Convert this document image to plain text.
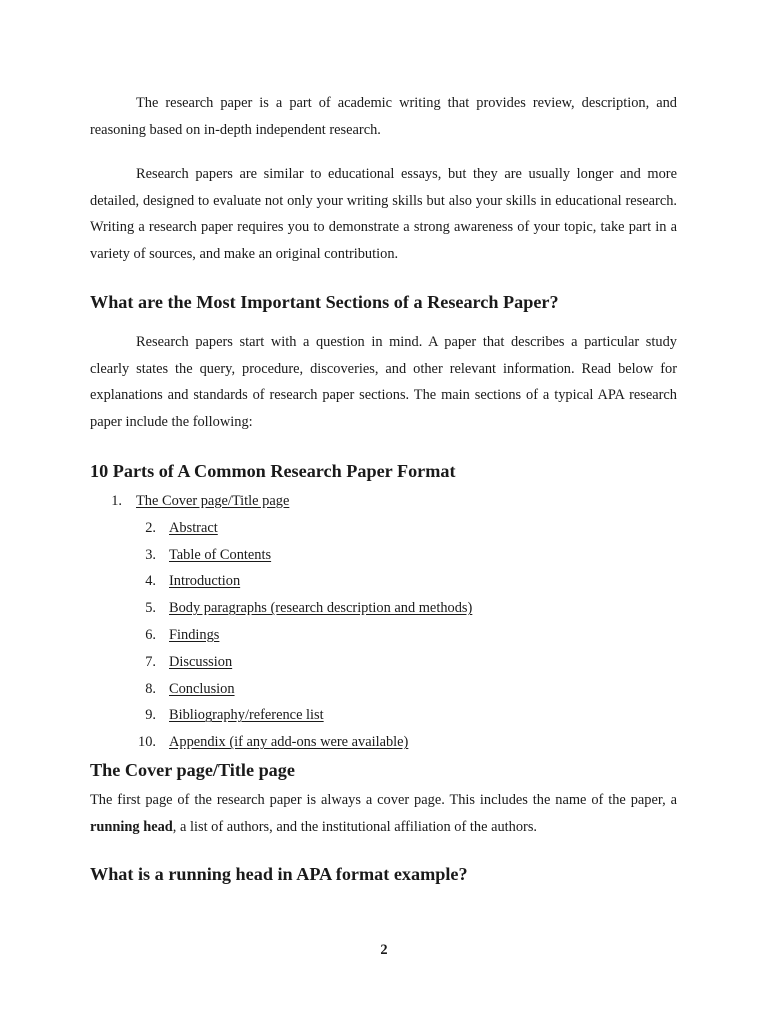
The research paper is a part of academic writing that provides review, description, and reasoning based on in-depth independent research.

Research papers are similar to educational essays, but they are usually longer and more detailed, designed to evaluate not only your writing skills but also your skills in educational research. Writing a research paper requires you to demonstrate a strong awareness of your topic, take part in a variety of sources, and make an original contribution.

What are the Most Important Sections of a Research Paper?

Research papers start with a question in mind. A paper that describes a particular study clearly states the query, procedure, discoveries, and other relevant information. Read below for explanations and standards of research paper sections. The main sections of a typical APA research paper include the following:

10 Parts of A Common Research Paper Format
1. The Cover page/Title page
2. Abstract
3. Table of Contents
4. Introduction
5. Body paragraphs (research description and methods)
6. Findings
7. Discussion
8. Conclusion
9. Bibliography/reference list
10. Appendix (if any add-ons were available)
The Cover page/Title page

The first page of the research paper is always a cover page. This includes the name of the paper, a running head, a list of authors, and the institutional affiliation of the authors.

What is a running head in APA format example?
2
